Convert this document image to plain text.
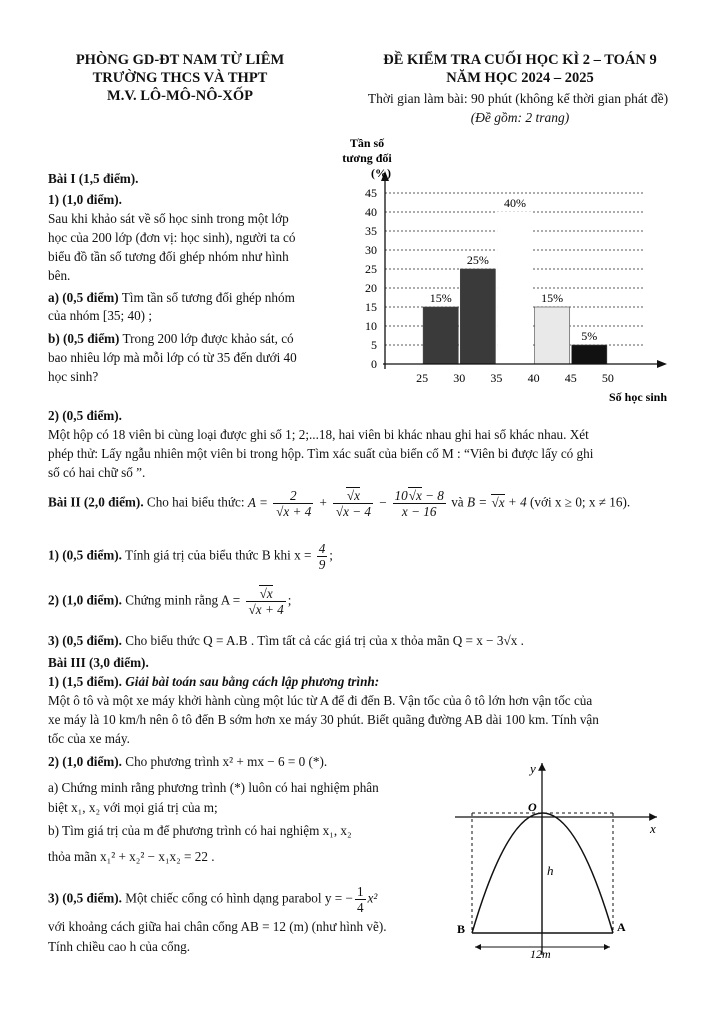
PHÒNG GD-ĐT NAM TỪ LIÊM
TRƯỜNG THCS VÀ THPT
M.V. LÔ-MÔ-NÔ-XỐP
ĐỀ KIỂM TRA CUỐI HỌC KÌ 2 – TOÁN 9
NĂM HỌC 2024 – 2025
Thời gian làm bài: 90 phút (không kể thời gian phát đề)
(Đề gồm: 2 trang)
Bài I (1,5 điểm).
1) (1,0 điểm).
Sau khi khảo sát về số học sinh trong một lớp
học của 200 lớp (đơn vị: học sinh), người ta có
biểu đồ tần số tương đối ghép nhóm như hình
bên.
a) (0,5 điểm) Tìm tần số tương đối ghép nhóm
của nhóm [35; 40) ;
b) (0,5 điểm) Trong 200 lớp được khảo sát, có
bao nhiêu lớp mà mỗi lớp có từ 35 đến dưới 40
học sinh?
0
5
10
15
20
25
30
35
40
45
15%
25%
40%
15%
5%
25 30 35 40 45 50
Tần số
tương đối
(%)
Số học sinh
2) (0,5 điểm).
Một hộp có 18 viên bi cùng loại được ghi số 1; 2;...18, hai viên bi khác nhau ghi hai số khác nhau. Xét
phép thử: Lấy ngẫu nhiên một viên bi trong hộp. Tìm xác suất của biến cố M : “Viên bi được lấy có ghi
số có hai chữ số ”.
Bài II (2,0 điểm). Cho hai biểu thức: $A = \frac{2}{√x + 4} + \frac{√x}{√x - 4} - \frac{10√x - 8}{x - 16}$ và B = √x + 4 (với x ≥ 0; x ≠ 16).
1) (0,5 điểm). Tính giá trị của biểu thức B khi $x = \frac{4}{9}$ ;
2) (1,0 điểm). Chứng minh rằng $A = \frac{√x}{√x + 4}$ ;
3) (0,5 điểm). Cho biểu thức Q = A.B . Tìm tất cả các giá trị của x thỏa mãn Q = x − 3√x .
Bài III (3,0 điểm).
1) (1,5 điểm). Giải bài toán sau bằng cách lập phương trình:
Một ô tô và một xe máy khởi hành cùng một lúc từ A để đi đến B. Vận tốc của ô tô lớn hơn vận tốc của
xe máy là 10 km/h nên ô tô đến B sớm hơn xe máy 30 phút. Biết quãng đường AB dài 100 km. Tính vận
tốc của xe máy.
2) (1,0 điểm). Cho phương trình x² + mx − 6 = 0 (*).
a) Chứng minh rằng phương trình (*) luôn có hai nghiệm phân
biệt x₁, x₂ với mọi giá trị của m;
b) Tìm giá trị của m để phương trình có hai nghiệm x₁, x₂
thỏa mãn x₁² + x₂² − x₁x₂ = 22 .
3) (0,5 điểm). Một chiếc cổng có hình dạng parabol y = − $\frac{1}{4} x^2$
với khoảng cách giữa hai chân cổng AB = 12 (m) (như hình vẽ).
Tính chiều cao h của cổng.
y
x
O
h
B	A
12m
